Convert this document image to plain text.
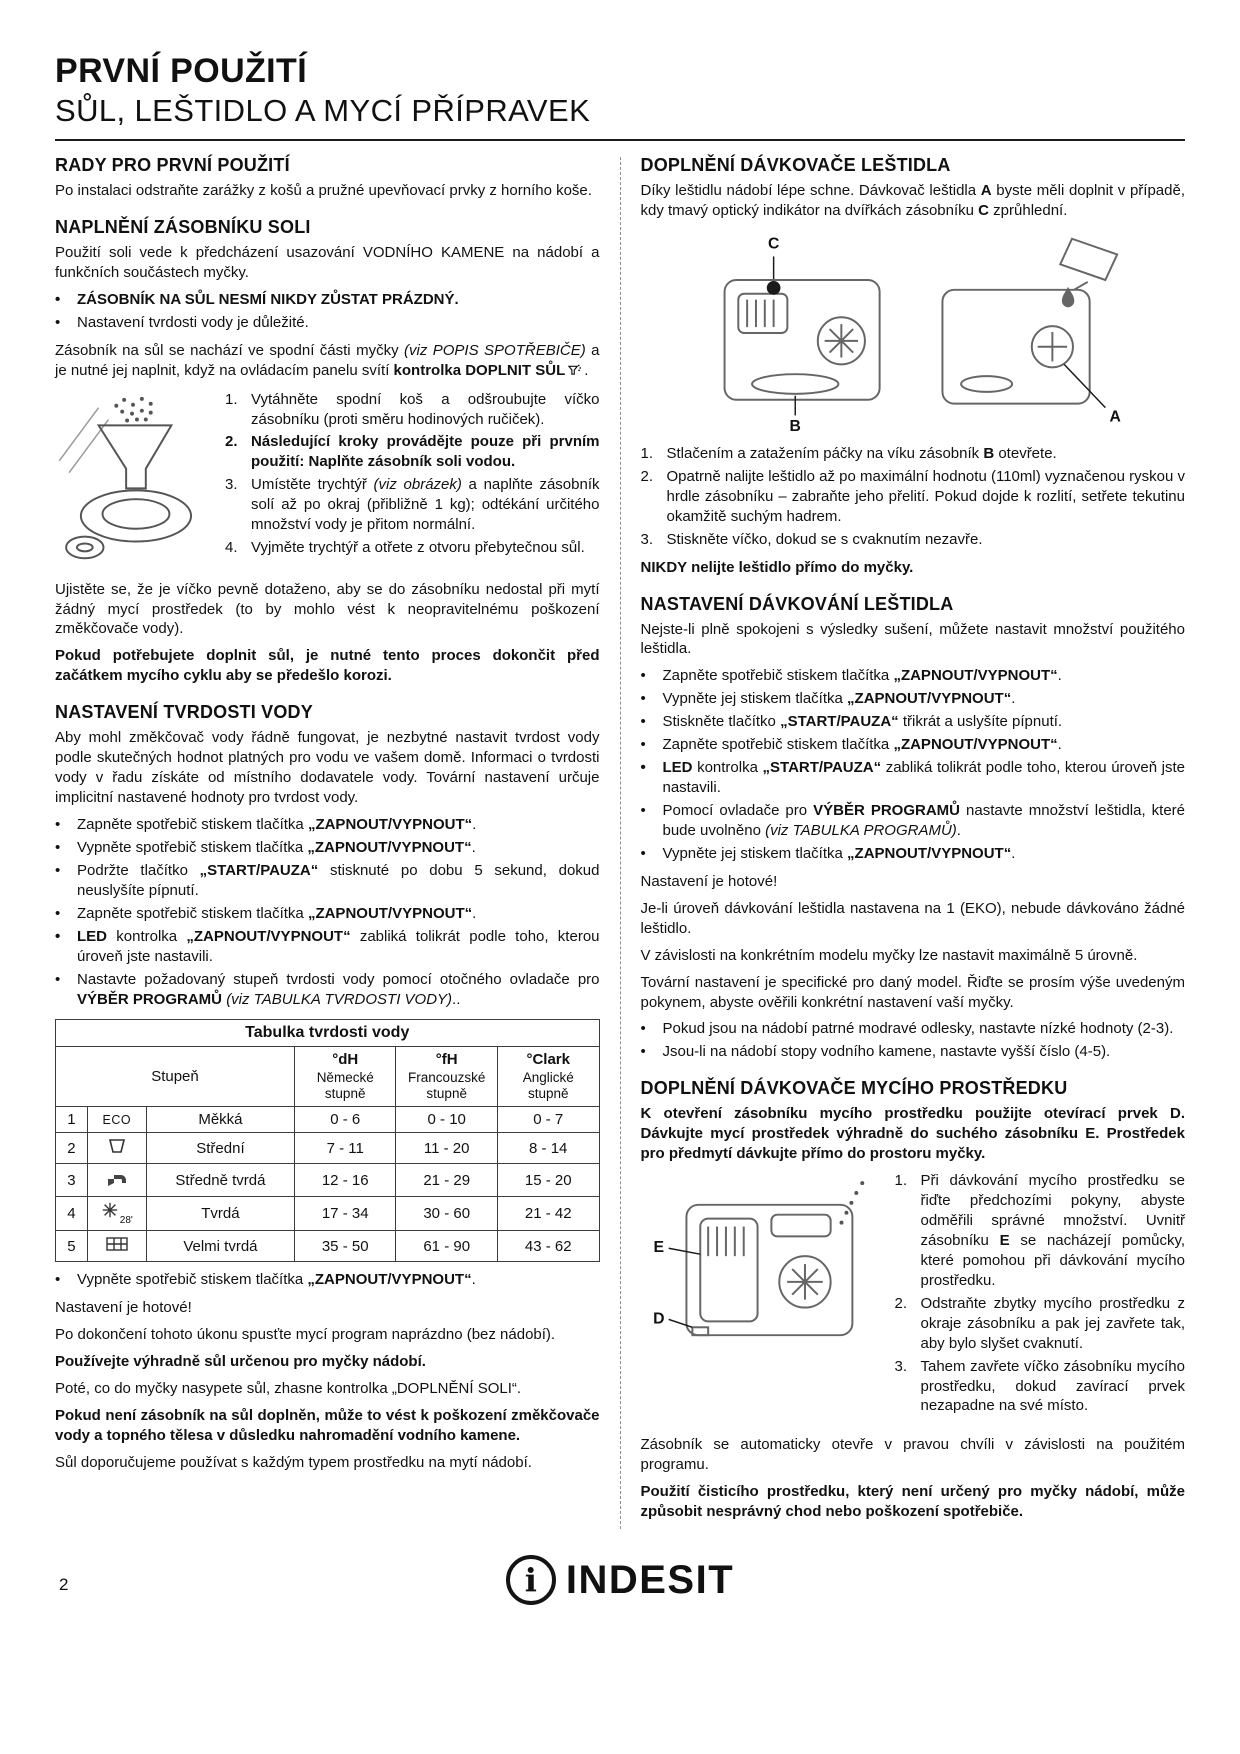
PRVNÍ POUŽITÍ
SŮL, LEŠTIDLO A MYCÍ PŘÍPRAVEK
RADY PRO PRVNÍ POUŽITÍ

Po instalaci odstraňte zarážky z košů a pružné upevňovací prvky z horního koše.

NAPLNĚNÍ ZÁSOBNÍKU SOLI

Použití soli vede k předcházení usazování VODNÍHO KAMENE na nádobí a funkčních součástech myčky.

•	ZÁSOBNÍK NA SŮL NESMÍ NIKDY ZŮSTAT PRÁZDNÝ.
•	Nastavení tvrdosti vody je důležité.

Zásobník na sůl se nachází ve spodní části myčky (viz POPIS SPOTŘEBIČE) a je nutné jej naplnit, když na ovládacím panelu svítí kontrolka DOPLNIT SŮL .

1. Vytáhněte spodní koš a odšroubujte víčko zásobníku (proti směru hodinových ručiček).
2. Následující kroky provádějte pouze při prvním použití: Naplňte zásobník soli vodou.
3. Umístěte trychtýř (viz obrázek) a naplňte zásobník solí až po okraj (přibližně 1 kg); odtékání určitého množství vody je přitom normální.
4. Vyjměte trychtýř a otřete z otvoru přebytečnou sůl.

Ujistěte se, že je víčko pevně dotaženo, aby se do zásobníku nedostal při mytí žádný mycí prostředek (to by mohlo vést k neopravitelnému poškození změkčovače vody).

Pokud potřebujete doplnit sůl, je nutné tento proces dokončit před začátkem mycího cyklu aby se předešlo korozi.

NASTAVENÍ TVRDOSTI VODY

Aby mohl změkčovač vody řádně fungovat, je nezbytné nastavit tvrdost vody podle skutečných hodnot platných pro vodu ve vašem domě. Informaci o tvrdosti vody v řadu získáte od místního dodavatele vody. Tovární nastavení určuje implicitní nastavené hodnoty pro tvrdost vody.

•	Zapněte spotřebič stiskem tlačítka „ZAPNOUT/VYPNOUT“.
•	Vypněte spotřebič stiskem tlačítka „ZAPNOUT/VYPNOUT“.
•	Podržte tlačítko „START/PAUZA“ stisknuté po dobu 5 sekund, dokud neuslyšíte pípnutí.
•	Zapněte spotřebič stiskem tlačítka „ZAPNOUT/VYPNOUT“.
•	LED kontrolka „ZAPNOUT/VYPNOUT“ zabliká tolikrát podle toho, kterou úroveň jste nastavili.
•	Nastavte požadovaný stupeň tvrdosti vody pomocí otočného ovladače pro VÝBĚR PROGRAMŮ (viz TABULKA TVRDOSTI VODY)..
Tabulka tvrdosti vody					
Stupeň	
°dH
Německé stupně

°fH
Francouzské stupně

°Clark
Anglické stupně

1	ECO	Měkká	0 - 6	0 - 10	0 - 7
2		Střední	7 - 11	11 - 20	8 - 14
3		Středně tvrdá	12 - 16	21 - 29	15 - 20
4	$_{28'}$	Tvrdá	17 - 34	30 - 60	21 - 42
5		Velmi tvrdá	35 - 50	61 - 90	43 - 62
•	Vypněte spotřebič stiskem tlačítka „ZAPNOUT/VYPNOUT“.

Nastavení je hotové!

Po dokončení tohoto úkonu spusťte mycí program naprázdno (bez nádobí).

Používejte výhradně sůl určenou pro myčky nádobí.

Poté, co do myčky nasypete sůl, zhasne kontrolka „DOPLNĚNÍ SOLI“.

Pokud není zásobník na sůl doplněn, může to vést k poškození změkčovače vody a topného tělesa v důsledku nahromadění vodního kamene.

Sůl doporučujeme používat s každým typem prostředku na mytí nádobí.

DOPLNĚNÍ DÁVKOVAČE LEŠTIDLA

Díky leštidlu nádobí lépe schne. Dávkovač leštidla A byste měli doplnit v případě, kdy tmavý optický indikátor na dvířkách zásobníku C zprůhlední.

C
B
A
1. Stlačením a zatažením páčky na víku zásobník B otevřete.
2. Opatrně nalijte leštidlo až po maximální hodnotu (110ml) vyznačenou ryskou v hrdle zásobníku – zabraňte jeho přelití. Pokud dojde k rozlití, setřete tekutinu okamžitě suchým hadrem.
3. Stiskněte víčko, dokud se s cvaknutím nezavře.

NIKDY nelijte leštidlo přímo do myčky.

NASTAVENÍ DÁVKOVÁNÍ LEŠTIDLA

Nejste-li plně spokojeni s výsledky sušení, můžete nastavit množství použitého leštidla.

•	Zapněte spotřebič stiskem tlačítka „ZAPNOUT/VYPNOUT“.
•	Vypněte jej stiskem tlačítka „ZAPNOUT/VYPNOUT“.
•	Stiskněte tlačítko „START/PAUZA“ třikrát a uslyšíte pípnutí.
•	Zapněte spotřebič stiskem tlačítka „ZAPNOUT/VYPNOUT“.
•	LED kontrolka „START/PAUZA“ zabliká tolikrát podle toho, kterou úroveň jste nastavili.
•	Pomocí ovladače pro VÝBĚR PROGRAMŮ nastavte množství leštidla, které bude uvolněno (viz TABULKA PROGRAMŮ).
•	Vypněte jej stiskem tlačítka „ZAPNOUT/VYPNOUT“.

Nastavení je hotové!

Je-li úroveň dávkování leštidla nastavena na 1 (EKO), nebude dávkováno žádné leštidlo.

V závislosti na konkrétním modelu myčky lze nastavit maximálně 5 úrovně.

Tovární nastavení je specifické pro daný model. Řiďte se prosím výše uvedeným pokynem, abyste ověřili konkrétní nastavení vaší myčky.

•	Pokud jsou na nádobí patrné modravé odlesky, nastavte nízké hodnoty (2-3).
•	Jsou-li na nádobí stopy vodního kamene, nastavte vyšší číslo (4-5).
DOPLNĚNÍ DÁVKOVAČE MYCÍHO PROSTŘEDKU

K otevření zásobníku mycího prostředku použijte otevírací prvek D. Dávkujte mycí prostředek výhradně do suchého zásobníku E. Prostředek pro předmytí dávkujte přímo do prostoru myčky.

E
D
1. Při dávkování mycího prostředku se řiďte předchozími pokyny, abyste odměřili správné množství. Uvnitř zásobníku E se nacházejí pomůcky, které pomohou při dávkování mycího prostředku.
2. Odstraňte zbytky mycího prostředku z okraje zásobníku a pak jej zavřete tak, aby bylo slyšet cvaknutí.
3. Tahem zavřete víčko zásobníku mycího prostředku, dokud zavírací prvek nezapadne na své místo.

Zásobník se automaticky otevře v pravou chvíli v závislosti na použitém programu.

Použití čisticího prostředku, který není určený pro myčky nádobí, může způsobit nesprávný chod nebo poškození spotřebiče.

2	i INDESIT
